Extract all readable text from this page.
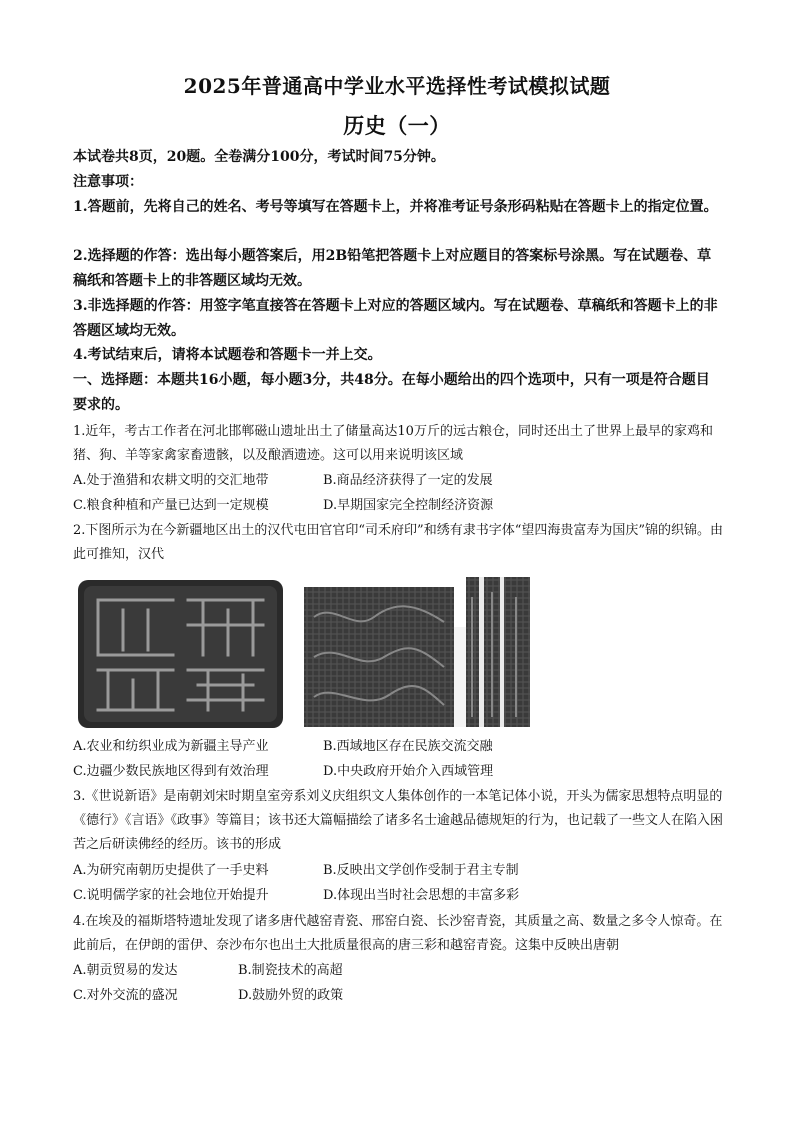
2025年普通高中学业水平选择性考试模拟试题
历史（一）
本试卷共8页，20题。全卷满分100分，考试时间75分钟。
注意事项：
1.答题前，先将自己的姓名、考号等填写在答题卡上，并将准考证号条形码粘贴在答题卡上的指定位置。
2.选择题的作答：选出每小题答案后，用2B铅笔把答题卡上对应题目的答案标号涂黑。写在试题卷、草稿纸和答题卡上的非答题区域均无效。
3.非选择题的作答：用签字笔直接答在答题卡上对应的答题区域内。写在试题卷、草稿纸和答题卡上的非答题区域均无效。
4.考试结束后，请将本试题卷和答题卡一并上交。
一、选择题：本题共16小题，每小题3分，共48分。在每小题给出的四个选项中，只有一项是符合题目要求的。
1.近年，考古工作者在河北邯郸磁山遗址出土了储量高达10万斤的远古粮仓，同时还出土了世界上最早的家鸡和猪、狗、羊等家禽家畜遗骸，以及酿酒遗迹。这可以用来说明该区域
A.处于渔猎和农耕文明的交汇地带	B.商品经济获得了一定的发展
C.粮食种植和产量已达到一定规模	D.早期国家完全控制经济资源
2.下图所示为在今新疆地区出土的汉代屯田官官印“司禾府印”和绣有隶书字体“望四海贵富寿为国庆”锦的织锦。由此可推知，汉代
A.农业和纺织业成为新疆主导产业	B.西域地区存在民族交流交融
C.边疆少数民族地区得到有效治理	D.中央政府开始介入西域管理
3.《世说新语》是南朝刘宋时期皇室旁系刘义庆组织文人集体创作的一本笔记体小说，开头为儒家思想特点明显的《德行》《言语》《政事》等篇目；该书还大篇幅描绘了诸多名士逾越品德规矩的行为，也记载了一些文人在陷入困苦之后研读佛经的经历。该书的形成
A.为研究南朝历史提供了一手史料	B.反映出文学创作受制于君主专制
C.说明儒学家的社会地位开始提升	D.体现出当时社会思想的丰富多彩
4.在埃及的福斯塔特遗址发现了诸多唐代越窑青瓷、邢窑白瓷、长沙窑青瓷，其质量之高、数量之多令人惊奇。在此前后，在伊朗的雷伊、奈沙布尔也出土大批质量很高的唐三彩和越窑青瓷。这集中反映出唐朝
A.朝贡贸易的发达	B.制瓷技术的高超
C.对外交流的盛况	D.鼓励外贸的政策
